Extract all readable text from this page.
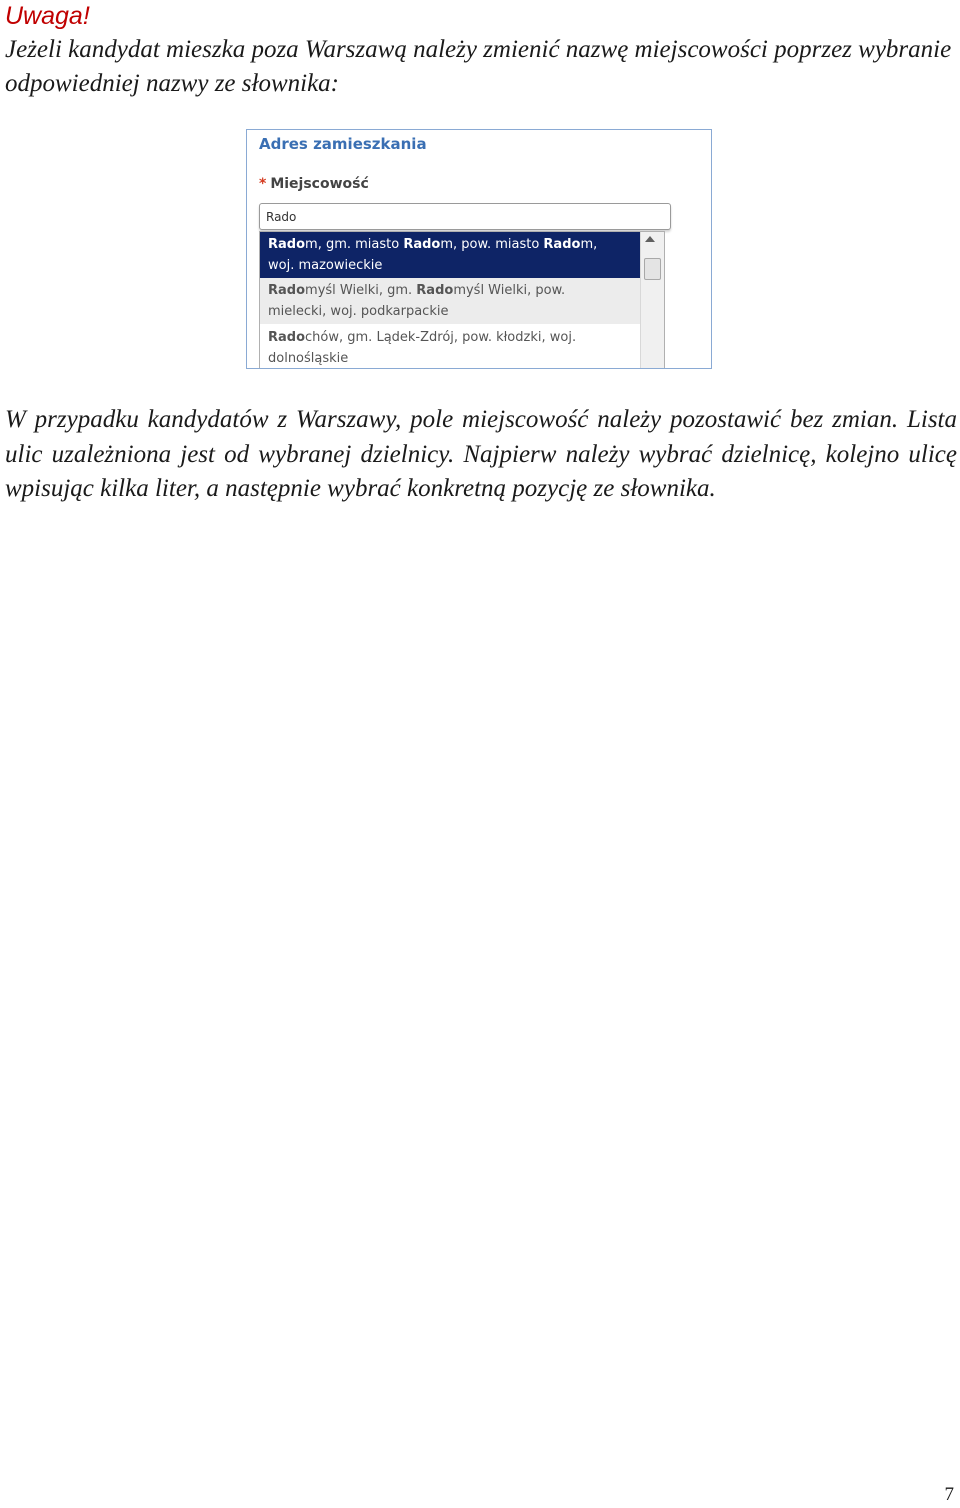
Uwaga!
Jeżeli kandydat mieszka poza Warszawą należy zmienić nazwę miejscowości poprzez wybranie odpowiedniej nazwy ze słownika:
Adres zamieszkania
* Miejscowość
Rado
Radom, gm. miasto Radom, pow. miasto Radom,
woj. mazowieckie
Radomyśl Wielki, gm. Radomyśl Wielki, pow.
mielecki, woj. podkarpackie
Radochów, gm. Lądek-Zdrój, pow. kłodzki, woj.
dolnośląskie
W przypadku kandydatów z Warszawy, pole miejscowość należy pozostawić bez zmian. Lista ulic uzależniona jest od wybranej dzielnicy. Najpierw należy wybrać dzielnicę, kolejno ulicę wpisując kilka liter, a następnie wybrać konkretną pozycję ze słownika.
7
